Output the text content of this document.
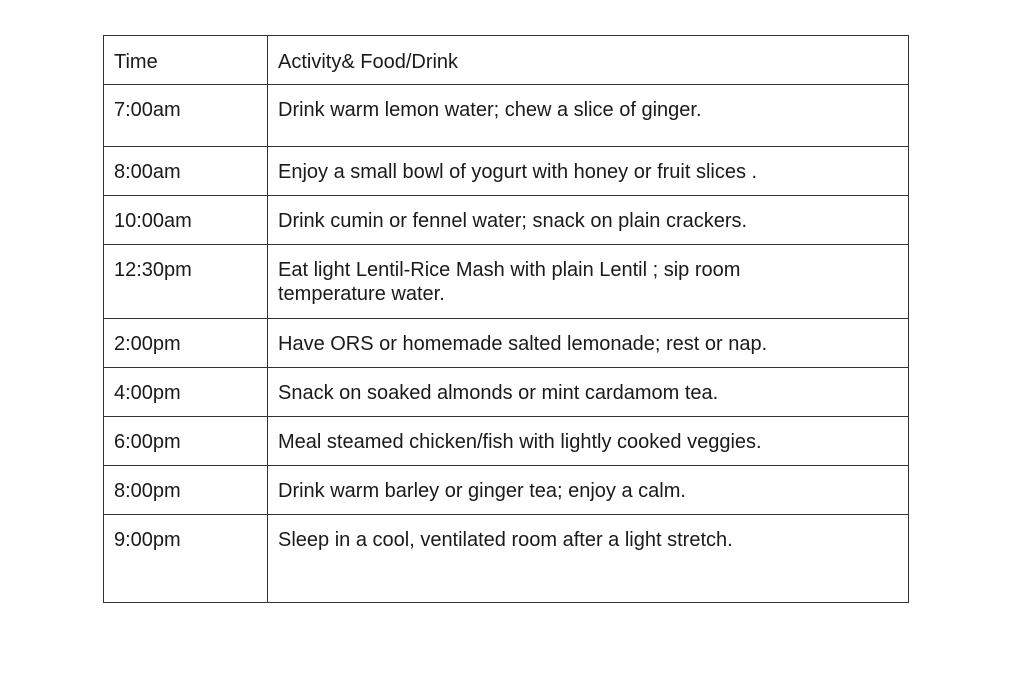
Time	Activity& Food/Drink
7:00am	Drink warm lemon water; chew a slice of ginger.
8:00am	Enjoy a small bowl of yogurt with honey or fruit slices .
10:00am	Drink cumin or fennel water; snack on plain crackers.
12:30pm	Eat light Lentil-Rice Mash with plain Lentil ; sip room temperature water.
2:00pm	Have ORS or homemade salted lemonade; rest or nap.
4:00pm	Snack on soaked almonds or mint cardamom tea.
6:00pm	Meal steamed chicken/fish with lightly cooked veggies.
8:00pm	Drink warm barley or ginger tea; enjoy a calm.
9:00pm	Sleep in a cool, ventilated room after a light stretch.
